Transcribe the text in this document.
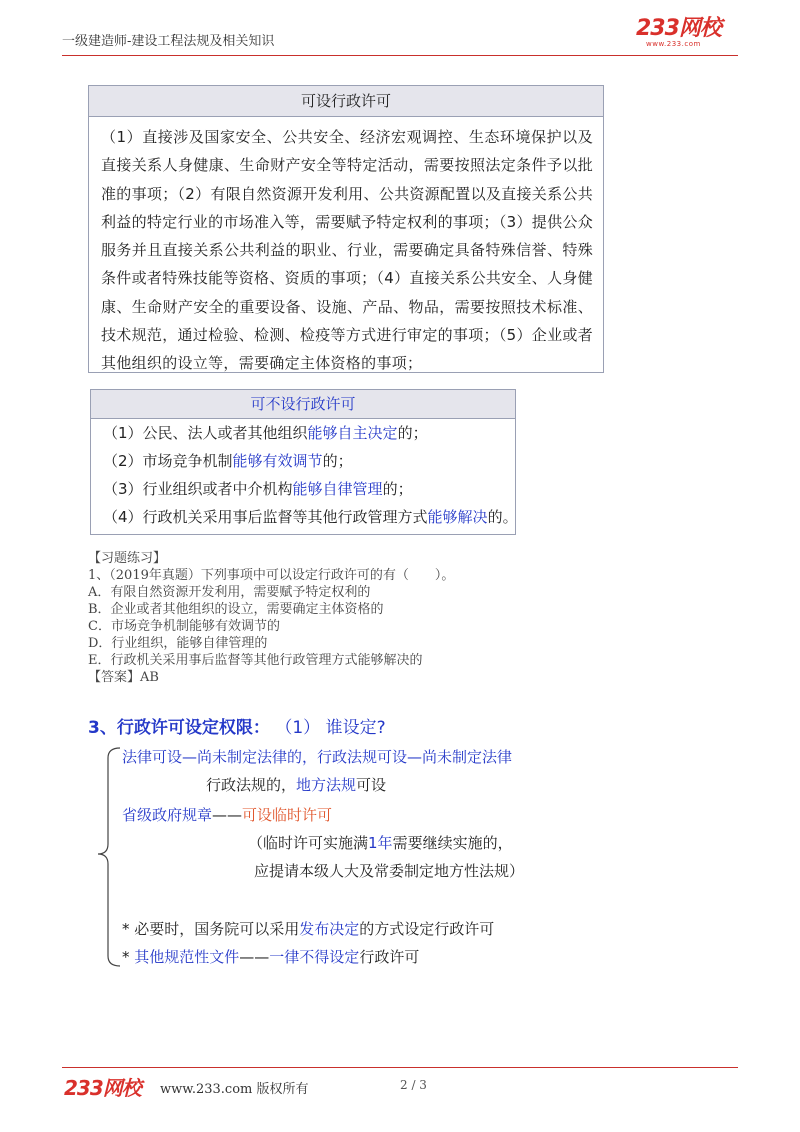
一级建造师-建设工程法规及相关知识
233网校
www.233.com
可设行政许可
（1）直接涉及国家安全、公共安全、经济宏观调控、生态环境保护以及直接关系人身健康、生命财产安全等特定活动，需要按照法定条件予以批准的事项；（2）有限自然资源开发利用、公共资源配置以及直接关系公共利益的特定行业的市场准入等，需要赋予特定权利的事项；（3）提供公众服务并且直接关系公共利益的职业、行业，需要确定具备特殊信誉、特殊条件或者特殊技能等资格、资质的事项；（4）直接关系公共安全、人身健康、生命财产安全的重要设备、设施、产品、物品，需要按照技术标准、技术规范，通过检验、检测、检疫等方式进行审定的事项；（5）企业或者其他组织的设立等，需要确定主体资格的事项；
可不设行政许可
（1）公民、法人或者其他组织能够自主决定的；
（2）市场竞争机制能够有效调节的；
（3）行业组织或者中介机构能够自律管理的；
（4）行政机关采用事后监督等其他行政管理方式能够解决的。
【习题练习】
1、（2019年真题）下列事项中可以设定行政许可的有（　　）。
A．有限自然资源开发利用，需要赋予特定权利的
B．企业或者其他组织的设立，需要确定主体资格的
C．市场竞争机制能够有效调节的
D．行业组织，能够自律管理的
E．行政机关采用事后监督等其他行政管理方式能够解决的
【答案】AB
3、行政许可设定权限： （1） 谁设定?
法律可设—尚未制定法律的，行政法规可设—尚未制定法律
行政法规的，地方法规可设
省级政府规章——可设临时许可
（临时许可实施满1年需要继续实施的，
应提请本级人大及常委制定地方性法规）
* 必要时，国务院可以采用发布决定的方式设定行政许可
* 其他规范性文件——一律不得设定行政许可
233网校 www.233.com 版权所有	2 / 3
